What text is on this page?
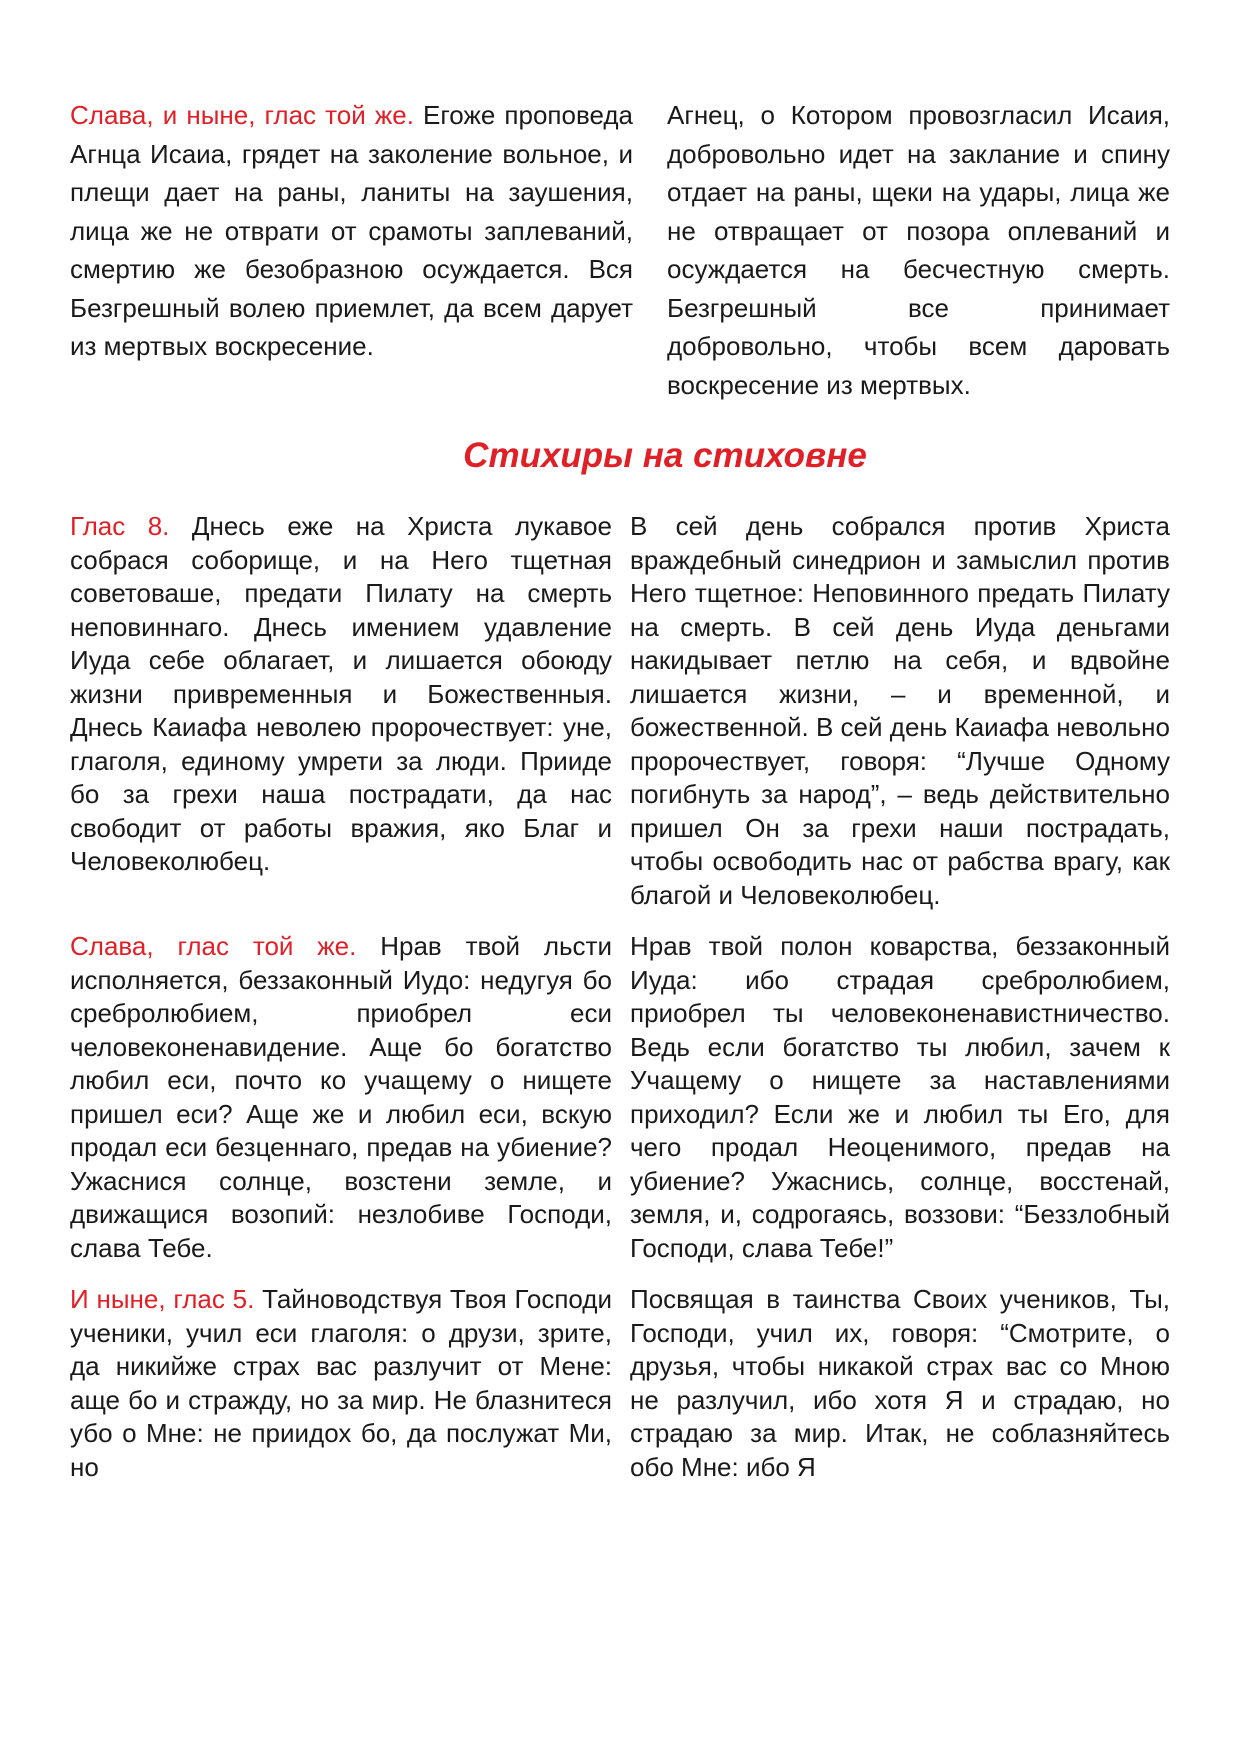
Слава, и ныне, глас той же. Егоже проповеда Агнца Исаиа, грядет на заколение вольное, и плещи дает на раны, ланиты на заушения, лица же не отврати от срамоты заплеваний, смертию же безобразною осуждается. Вся Безгрешный волею приемлет, да всем дарует из мертвых воскресение.

Агнец, о Котором провозгласил Исаия, добровольно идет на заклание и спину отдает на раны, щеки на удары, лица же не отвращает от позора оплеваний и осуждается на бесчестную смерть. Безгрешный все принимает добровольно, чтобы всем даровать воскресение из мертвых.

Стихиры на стиховне

Глас 8. Днесь еже на Христа лукавое собрася соборище, и на Него тщетная советоваше, предати Пилату на смерть неповиннаго. Днесь имением удавление Иуда себе облагает, и лишается обоюду жизни привременныя и Божественныя. Днесь Каиафа неволею пророчествует: уне, глаголя, единому умрети за люди. Прииде бо за грехи наша пострадати, да нас свободит от работы вражия, яко Благ и Человеколюбец.

В сей день собрался против Христа враждебный синедрион и замыслил против Него тщетное: Неповинного предать Пилату на смерть. В сей день Иуда деньгами накидывает петлю на себя, и вдвойне лишается жизни, – и временной, и божественной. В сей день Каиафа невольно пророчествует, говоря: “Лучше Одному погибнуть за народ”, – ведь действительно пришел Он за грехи наши пострадать, чтобы освободить нас от рабства врагу, как благой и Человеколюбец.

Слава, глас той же. Нрав твой льсти исполняется, беззаконный Иудо: недугуя бо сребролюбием, приобрел еси человеконенавидение. Аще бо богатство любил еси, почто ко учащему о нищете пришел еси? Аще же и любил еси, вскую продал еси безценнаго, предав на убиение? Ужаснися солнце, возстени земле, и движащися возопий: незлобиве Господи, слава Тебе.

Нрав твой полон коварства, беззаконный Иуда: ибо страдая сребролюбием, приобрел ты человеконенавистничество. Ведь если богатство ты любил, зачем к Учащему о нищете за наставлениями приходил? Если же и любил ты Его, для чего продал Неоценимого, предав на убиение? Ужаснись, солнце, восстенай, земля, и, содрогаясь, воззови: “Беззлобный Господи, слава Тебе!”

И ныне, глас 5. Тайноводствуя Твоя Господи ученики, учил еси глаголя: о друзи, зрите, да никийже страх вас разлучит от Мене: аще бо и стражду, но за мир. Не блазнитеся убо о Мне: не приидох бо, да послужат Ми, но

Посвящая в таинства Своих учеников, Ты, Господи, учил их, говоря: “Смотрите, о друзья, чтобы никакой страх вас со Мною не разлучил, ибо хотя Я и страдаю, но страдаю за мир. Итак, не соблазняйтесь обо Мне: ибо Я
